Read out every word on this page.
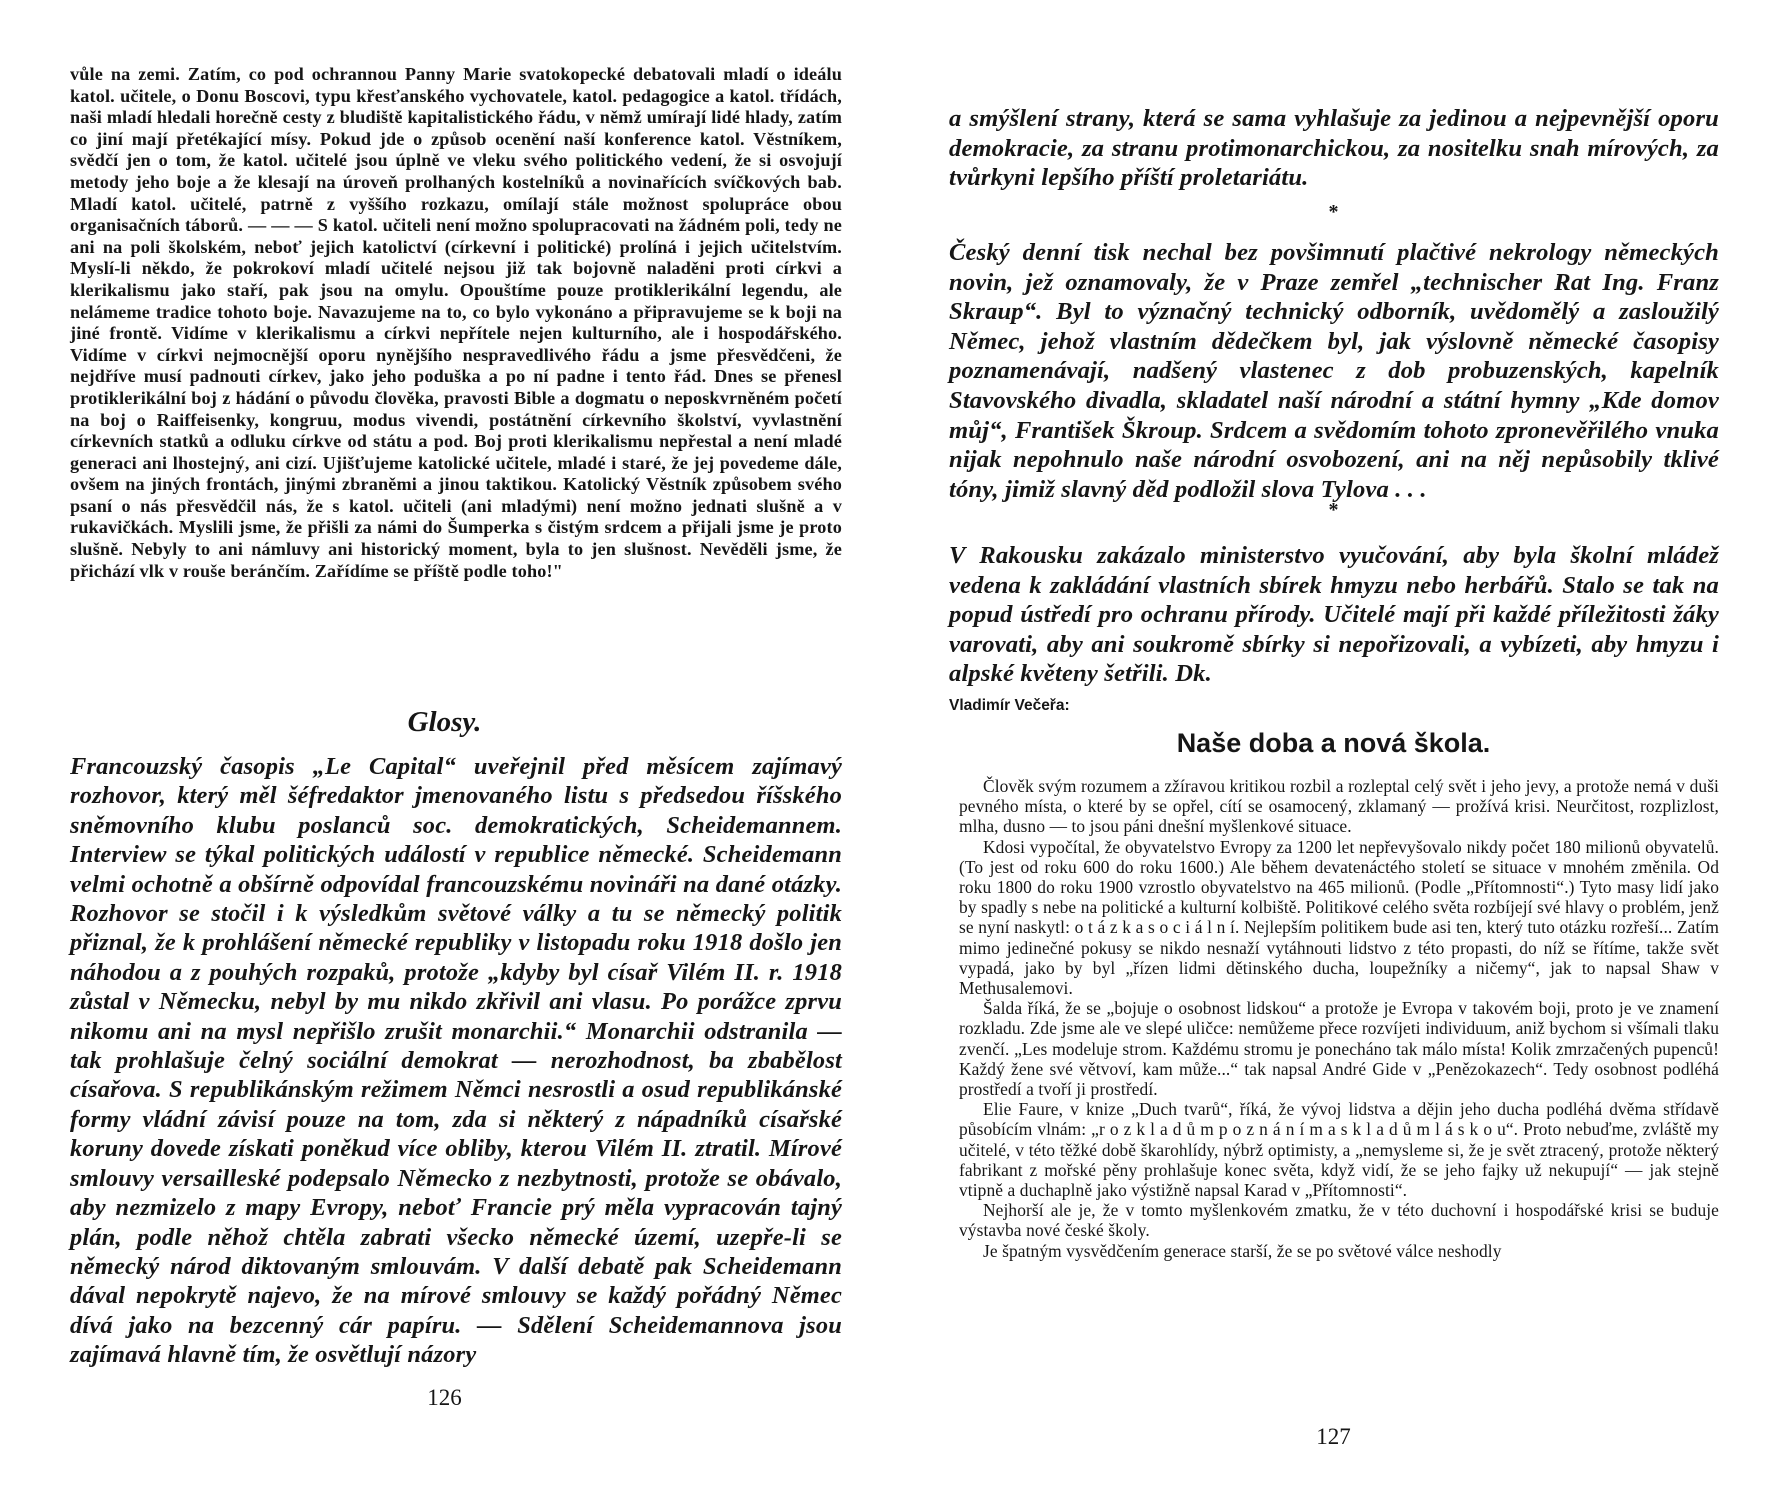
vůle na zemi. Zatím, co pod ochrannou Panny Marie svatokopecké debatovali mladí o ideálu katol. učitele, o Donu Boscovi, typu křesťanského vychovatele, katol. pedagogice a katol. třídách, naši mladí hledali horečně cesty z bludiště kapitalistického řádu, v němž umírají lidé hlady, zatím co jiní mají přetékající mísy. Pokud jde o způsob ocenění naší konference katol. Věstníkem, svědčí jen o tom, že katol. učitelé jsou úplně ve vleku svého politického vedení, že si osvojují metody jeho boje a že klesají na úroveň prolhaných kostelníků a novinařících svíčkových bab. Mladí katol. učitelé, patrně z vyššího rozkazu, omílají stále možnost spolupráce obou organisačních táborů. — — — S katol. učiteli není možno spolupracovati na žádném poli, tedy ne ani na poli školském, neboť jejich katolictví (církevní i politické) prolíná i jejich učitelstvím. Myslí-li někdo, že pokrokoví mladí učitelé nejsou již tak bojovně naladěni proti církvi a klerikalismu jako staří, pak jsou na omylu. Opouštíme pouze protiklerikální legendu, ale nelámeme tradice tohoto boje. Navazujeme na to, co bylo vykonáno a připravujeme se k boji na jiné frontě. Vidíme v klerikalismu a církvi nepřítele nejen kulturního, ale i hospodářského. Vidíme v církvi nejmocnější oporu nynějšího nespravedlivého řádu a jsme přesvědčeni, že nejdříve musí padnouti církev, jako jeho poduška a po ní padne i tento řád. Dnes se přenesl protiklerikální boj z hádání o původu člověka, pravosti Bible a dogmatu o neposkvrněném početí na boj o Raiffeisenky, kongruu, modus vivendi, postátnění církevního školství, vyvlastnění církevních statků a odluku církve od státu a pod. Boj proti klerikalismu nepřestal a není mladé generaci ani lhostejný, ani cizí. Ujišťujeme katolické učitele, mladé i staré, že jej povedeme dále, ovšem na jiných frontách, jinými zbraněmi a jinou taktikou. Katolický Věstník způsobem svého psaní o nás přesvědčil nás, že s katol. učiteli (ani mladými) není možno jednati slušně a v rukavičkách. Myslili jsme, že přišli za námi do Šumperka s čistým srdcem a přijali jsme je proto slušně. Nebyly to ani námluvy ani historický moment, byla to jen slušnost. Nevěděli jsme, že přichází vlk v rouše beránčím. Zařídíme se příště podle toho!"

Glosy.

Francouzský časopis „Le Capital“ uveřejnil před měsícem zajímavý rozhovor, který měl šéfredaktor jmenovaného listu s předsedou říšského sněmovního klubu poslanců soc. demokratických, Scheidemannem. Interview se týkal politických událostí v republice německé. Scheidemann velmi ochotně a obšírně odpovídal francouzskému novináři na dané otázky. Rozhovor se stočil i k výsledkům světové války a tu se německý politik přiznal, že k prohlášení německé republiky v listopadu roku 1918 došlo jen náhodou a z pouhých rozpaků, protože „kdyby byl císař Vilém II. r. 1918 zůstal v Německu, nebyl by mu nikdo zkřivil ani vlasu. Po porážce zprvu nikomu ani na mysl nepřišlo zrušit monarchii.“ Monarchii odstranila — tak prohlašuje čelný sociální demokrat — nerozhodnost, ba zbabělost císařova. S republikánským režimem Němci nesrostli a osud republikánské formy vládní závisí pouze na tom, zda si některý z nápadníků císařské koruny dovede získati poněkud více obliby, kterou Vilém II. ztratil. Mírové smlouvy versailleské podepsalo Německo z nezbytnosti, protože se obávalo, aby nezmizelo z mapy Evropy, neboť Francie prý měla vypracován tajný plán, podle něhož chtěla zabrati všecko německé území, uzepře-li se německý národ diktovaným smlouvám. V další debatě pak Scheidemann dával nepokrytě najevo, že na mírové smlouvy se každý pořádný Němec dívá jako na bezcenný cár papíru. — Sdělení Scheidemannova jsou zajímavá hlavně tím, že osvětlují názory

126

a smýšlení strany, která se sama vyhlašuje za jedinou a nejpevnější oporu demokracie, za stranu protimonarchickou, za nositelku snah mírových, za tvůrkyni lepšího příští proletariátu.

*

Český denní tisk nechal bez povšimnutí plačtivé nekrology německých novin, jež oznamovaly, že v Praze zemřel „technischer Rat Ing. Franz Skraup“. Byl to význačný technický odborník, uvědomělý a zasloužilý Němec, jehož vlastním dědečkem byl, jak výslovně německé časopisy poznamenávají, nadšený vlastenec z dob probuzenských, kapelník Stavovského divadla, skladatel naší národní a státní hymny „Kde domov můj“, František Škroup. Srdcem a svědomím tohoto zpronevěřilého vnuka nijak nepohnulo naše národní osvobození, ani na něj nepůsobily tklivé tóny, jimiž slavný děd podložil slova Tylova . . .

*

V Rakousku zakázalo ministerstvo vyučování, aby byla školní mládež vedena k zakládání vlastních sbírek hmyzu nebo herbářů. Stalo se tak na popud ústředí pro ochranu přírody. Učitelé mají při každé příležitosti žáky varovati, aby ani soukromě sbírky si nepořizovali, a vybízeti, aby hmyzu i alpské květeny šetřili. Dk.

Vladimír Večeřa:
Naše doba a nová škola.

Člověk svým rozumem a zžíravou kritikou rozbil a rozleptal celý svět i jeho jevy, a protože nemá v duši pevného místa, o které by se opřel, cítí se osamocený, zklamaný — prožívá krisi. Neurčitost, rozplizlost, mlha, dusno — to jsou páni dnešní myšlenkové situace.

Kdosi vypočítal, že obyvatelstvo Evropy za 1200 let nepřevyšovalo nikdy počet 180 milionů obyvatelů. (To jest od roku 600 do roku 1600.) Ale během devatenáctého století se situace v mnohém změnila. Od roku 1800 do roku 1900 vzrostlo obyvatelstvo na 465 milionů. (Podle „Přítomnosti“.) Tyto masy lidí jako by spadly s nebe na politické a kulturní kolbiště. Politikové celého světa rozbíjejí své hlavy o problém, jenž se nyní naskytl: o t á z k a s o c i á l n í. Nejlepším politikem bude asi ten, který tuto otázku rozřeší... Zatím mimo jedinečné pokusy se nikdo nesnaží vytáhnouti lidstvo z této propasti, do níž se řítíme, takže svět vypadá, jako by byl „řízen lidmi dětinského ducha, loupežníky a ničemy“, jak to napsal Shaw v Methusalemovi.

Šalda říká, že se „bojuje o osobnost lidskou“ a protože je Evropa v takovém boji, proto je ve znamení rozkladu. Zde jsme ale ve slepé uličce: nemůžeme přece rozvíjeti individuum, aniž bychom si všímali tlaku zvenčí. „Les modeluje strom. Každému stromu je ponecháno tak málo místa! Kolik zmrzačených pupenců! Každý žene své větvoví, kam může...“ tak napsal André Gide v „Penězokazech“. Tedy osobnost podléhá prostředí a tvoří ji prostředí.

Elie Faure, v knize „Duch tvarů“, říká, že vývoj lidstva a dějin jeho ducha podléhá dvěma střídavě působícím vlnám: „r o z k l a d ů m p o z n á n í m a s k l a d ů m l á s k o u“. Proto nebuďme, zvláště my učitelé, v této těžké době škarohlídy, nýbrž optimisty, a „nemysleme si, že je svět ztracený, protože některý fabrikant z mořské pěny prohlašuje konec světa, když vidí, že se jeho fajky už nekupují“ — jak stejně vtipně a duchaplně jako výstižně napsal Karad v „Přítomnosti“.

Nejhorší ale je, že v tomto myšlenkovém zmatku, že v této duchovní i hospodářské krisi se buduje výstavba nové české školy.

Je špatným vysvědčením generace starší, že se po světové válce neshodly

127
